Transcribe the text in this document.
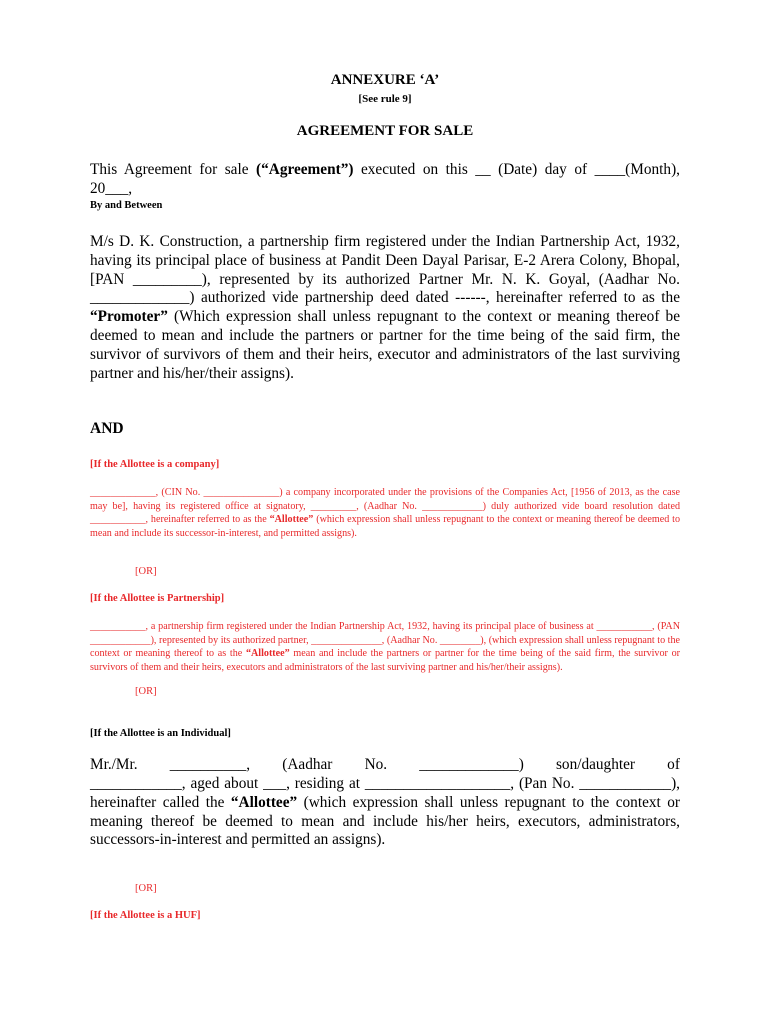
ANNEXURE ‘A’
[See rule 9]
AGREEMENT FOR SALE
This Agreement for sale (“Agreement”) executed on this __ (Date) day of ____(Month), 20___,
By and Between
M/s D. K. Construction, a partnership firm registered under the Indian Partnership Act, 1932, having its principal place of business at Pandit Deen Dayal Parisar, E-2 Arera Colony, Bhopal, [PAN _________), represented by its authorized Partner Mr. N. K. Goyal, (Aadhar No. _____________) authorized vide partnership deed dated ------, hereinafter referred to as the “Promoter” (Which expression shall unless repugnant to the context or meaning thereof be deemed to mean and include the partners or partner for the time being of the said firm, the survivor of survivors of them and their heirs, executor and administrators of the last surviving partner and his/her/their assigns).
AND
[If the Allottee is a company]
_____________, (CIN No. _______________) a company incorporated under the provisions of the Companies Act, [1956 of 2013, as the case may be], having its registered office at signatory, _________, (Aadhar No. ____________) duly authorized vide board resolution dated ___________, hereinafter referred to as the “Allottee” (which expression shall unless repugnant to the context or meaning thereof be deemed to mean and include its successor-in-interest, and permitted assigns).
[OR]
[If the Allottee is Partnership]
___________, a partnership firm registered under the Indian Partnership Act, 1932, having its principal place of business at ___________, (PAN ____________), represented by its authorized partner, ______________, (Aadhar No. ________), (which expression shall unless repugnant to the context or meaning thereof to as the “Allottee” mean and include the partners or partner for the time being of the said firm, the survivor or survivors of them and their heirs, executors and administrators of the last surviving partner and his/her/their assigns).
[OR]
[If the Allottee is an Individual]
Mr./Mr. __________, (Aadhar No. _____________) son/daughter of
____________, aged about ___, residing at ___________________, (Pan No. ____________), hereinafter called the “Allottee” (which expression shall unless repugnant to the context or meaning thereof be deemed to mean and include his/her heirs, executors, administrators, successors-in-interest and permitted an assigns).
[OR]
[If the Allottee is a HUF]
